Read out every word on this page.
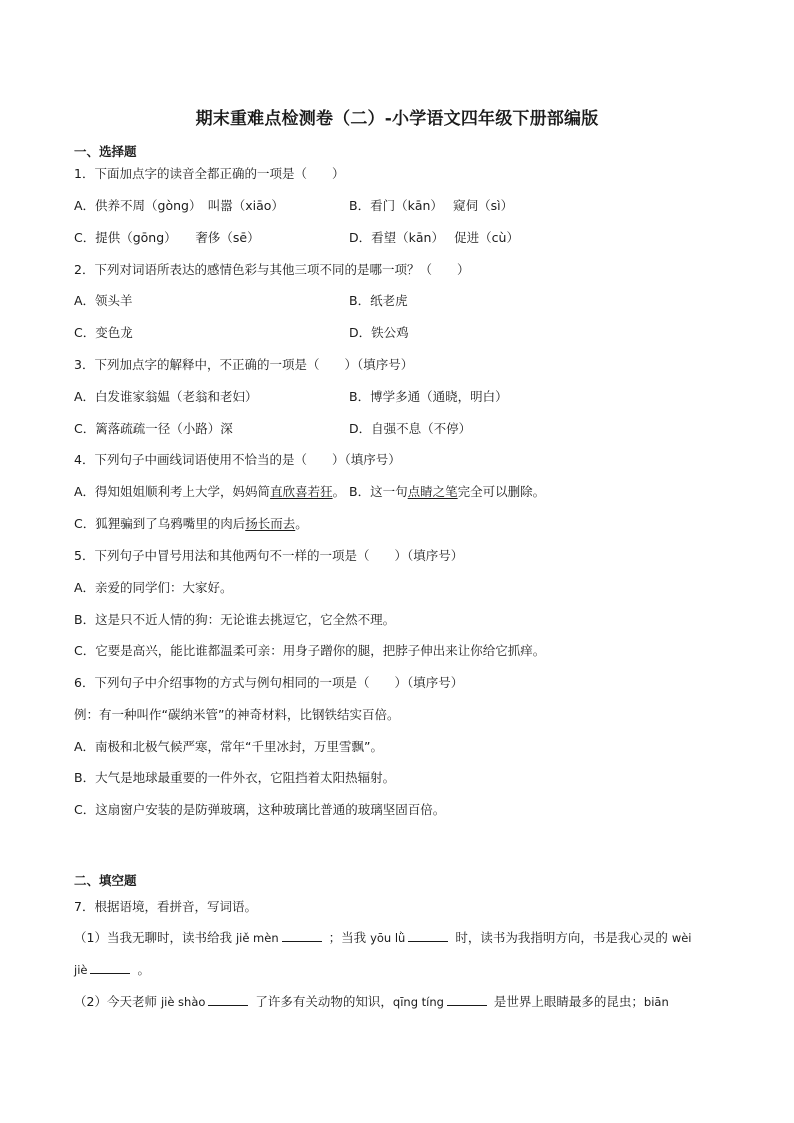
期末重难点检测卷（二）-小学语文四年级下册部编版
一、选择题
1．下面加点字的读音全都正确的一项是（　　）
A．供养不周（gòng）　叫嚣（xiāo）	B．看门（kān）　 窥伺（sì）
C．提供（gōng）　　奢侈（sē）	D．看望（kān）　 促进（cù）
2．下列对词语所表达的感情色彩与其他三项不同的是哪一项？（　　）
A．领头羊	B．纸老虎
C．变色龙	D．铁公鸡
3．下列加点字的解释中，不正确的一项是（　　）（填序号）
A．白发谁家翁媪（老翁和老妇）	B．博学多通（通晓，明白）
C．篱落疏疏一径（小路）深	D．自强不息（不停）
4．下列句子中画线词语使用不恰当的是（　　）（填序号）
A．得知姐姐顺利考上大学，妈妈简直欣喜若狂。 B．这一句点睛之笔完全可以删除。
C．狐狸骗到了乌鸦嘴里的肉后扬长而去。
5．下列句子中冒号用法和其他两句不一样的一项是（　　）（填序号）
A．亲爱的同学们：大家好。
B．这是只不近人情的狗：无论谁去挑逗它，它全然不理。
C．它要是高兴，能比谁都温柔可亲：用身子蹭你的腿，把脖子伸出来让你给它抓痒。
6．下列句子中介绍事物的方式与例句相同的一项是（　　）（填序号）
例：有一种叫作“碳纳米管”的神奇材料，比钢铁结实百倍。
A．南极和北极气候严寒，常年“千里冰封，万里雪飘”。
B．大气是地球最重要的一件外衣，它阻挡着太阳热辐射。
C．这扇窗户安装的是防弹玻璃，这种玻璃比普通的玻璃坚固百倍。
二、填空题
7．根据语境，看拼音，写词语。
（1）当我无聊时，读书给我 jiě mèn	；当我 yōu lǜ	时，读书为我指明方向，书是我心灵的 wèi
jiè	。
（2）今天老师 jiè shào	了许多有关动物的知识，qīng tíng	是世界上眼睛最多的昆虫；biān
